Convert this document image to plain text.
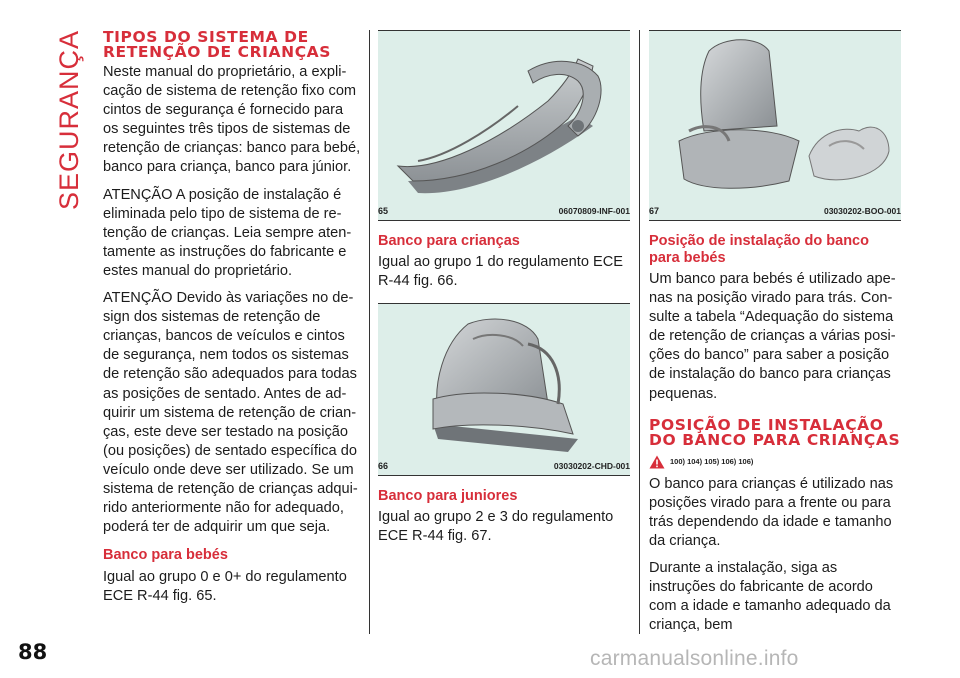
SEGURANÇA TIPOS DO SISTEMA DE RETENÇÃO DE CRIANÇAS
Neste manual do proprietário, a expli-cação de sistema de retenção fixo com cintos de segurança é fornecido para os seguintes três tipos de sistemas de retenção de crianças: banco para bebé, banco para criança, banco para júnior.
ATENÇÃO A posição de instalação é eliminada pelo tipo de sistema de re-tenção de crianças. Leia sempre aten-tamente as instruções do fabricante e estes manual do proprietário.
ATENÇÃO Devido às variações no de-sign dos sistemas de retenção de crianças, bancos de veículos e cintos de segurança, nem todos os sistemas de retenção são adequados para todas as posições de sentado. Antes de ad-quirir um sistema de retenção de crian-ças, este deve ser testado na posição (ou posições) de sentado específica do veículo onde deve ser utilizado. Se um sistema de retenção de crianças adqui-rido anteriormente não for adequado, poderá ter de adquirir um que seja.
Banco para bebés
Igual ao grupo 0 e 0+ do regulamento ECE R-44 fig. 65.
65	06070809-INF-001
Banco para crianças
Igual ao grupo 1 do regulamento ECE R-44 fig. 66.
66	03030202-CHD-001
Banco para juniores
Igual ao grupo 2 e 3 do regulamento ECE R-44 fig. 67.
67	03030202-BOO-001
Posição de instalação do banco para bebés
Um banco para bebés é utilizado ape-nas na posição virado para trás. Con-sulte a tabela “Adequação do sistema de retenção de crianças a várias posi-ções do banco” para saber a posição de instalação do banco para crianças pequenas.
POSIÇÃO DE INSTALAÇÃO DO BANCO PARA CRIANÇAS
100) 104) 105) 106) 106)
O banco para crianças é utilizado nas posições virado para a frente ou para trás dependendo da idade e tamanho da criança.
Durante a instalação, siga as instruções do fabricante de acordo com a idade e tamanho adequado da criança, bem
88	carmanualsonline.info
